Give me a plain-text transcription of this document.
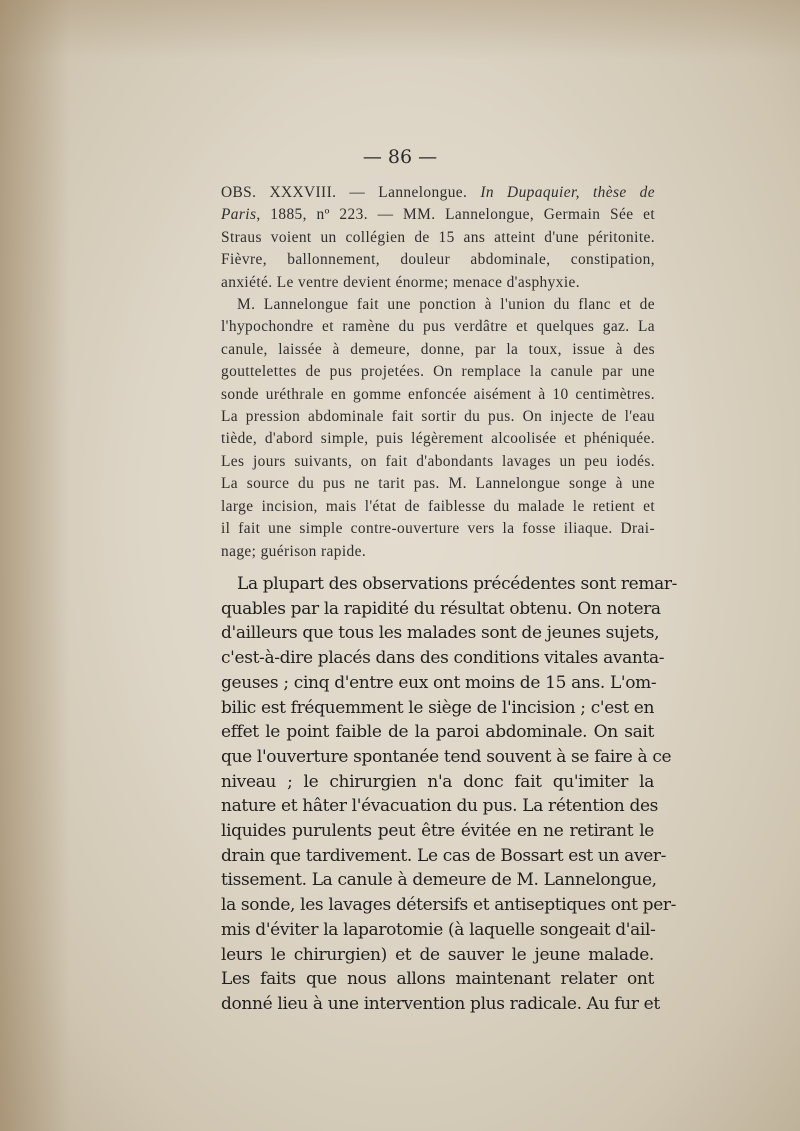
— 86 —

OBS. XXXVIII. — Lannelongue. In Dupaquier, thèse de
Paris, 1885, nº 223. — MM. Lannelongue, Germain Sée et
Straus voient un collégien de 15 ans atteint d'une péritonite.
Fièvre, ballonnement, douleur abdominale, constipation,
anxiété. Le ventre devient énorme; menace d'asphyxie.

M. Lannelongue fait une ponction à l'union du flanc et de
l'hypochondre et ramène du pus verdâtre et quelques gaz. La
canule, laissée à demeure, donne, par la toux, issue à des
gouttelettes de pus projetées. On remplace la canule par une
sonde uréthrale en gomme enfoncée aisément à 10 centimètres.
La pression abdominale fait sortir du pus. On injecte de l'eau
tiède, d'abord simple, puis légèrement alcoolisée et phéniquée.
Les jours suivants, on fait d'abondants lavages un peu iodés.
La source du pus ne tarit pas. M. Lannelongue songe à une
large incision, mais l'état de faiblesse du malade le retient et
il fait une simple contre-ouverture vers la fosse iliaque. Drai-
nage; guérison rapide.

La plupart des observations précédentes sont remar-
quables par la rapidité du résultat obtenu. On notera
d'ailleurs que tous les malades sont de jeunes sujets,
c'est-à-dire placés dans des conditions vitales avanta-
geuses ; cinq d'entre eux ont moins de 15 ans. L'om-
bilic est fréquemment le siège de l'incision ; c'est en
effet le point faible de la paroi abdominale. On sait
que l'ouverture spontanée tend souvent à se faire à ce
niveau ; le chirurgien n'a donc fait qu'imiter la
nature et hâter l'évacuation du pus. La rétention des
liquides purulents peut être évitée en ne retirant le
drain que tardivement. Le cas de Bossart est un aver-
tissement. La canule à demeure de M. Lannelongue,
la sonde, les lavages détersifs et antiseptiques ont per-
mis d'éviter la laparotomie (à laquelle songeait d'ail-
leurs le chirurgien) et de sauver le jeune malade.
Les faits que nous allons maintenant relater ont
donné lieu à une intervention plus radicale. Au fur et
